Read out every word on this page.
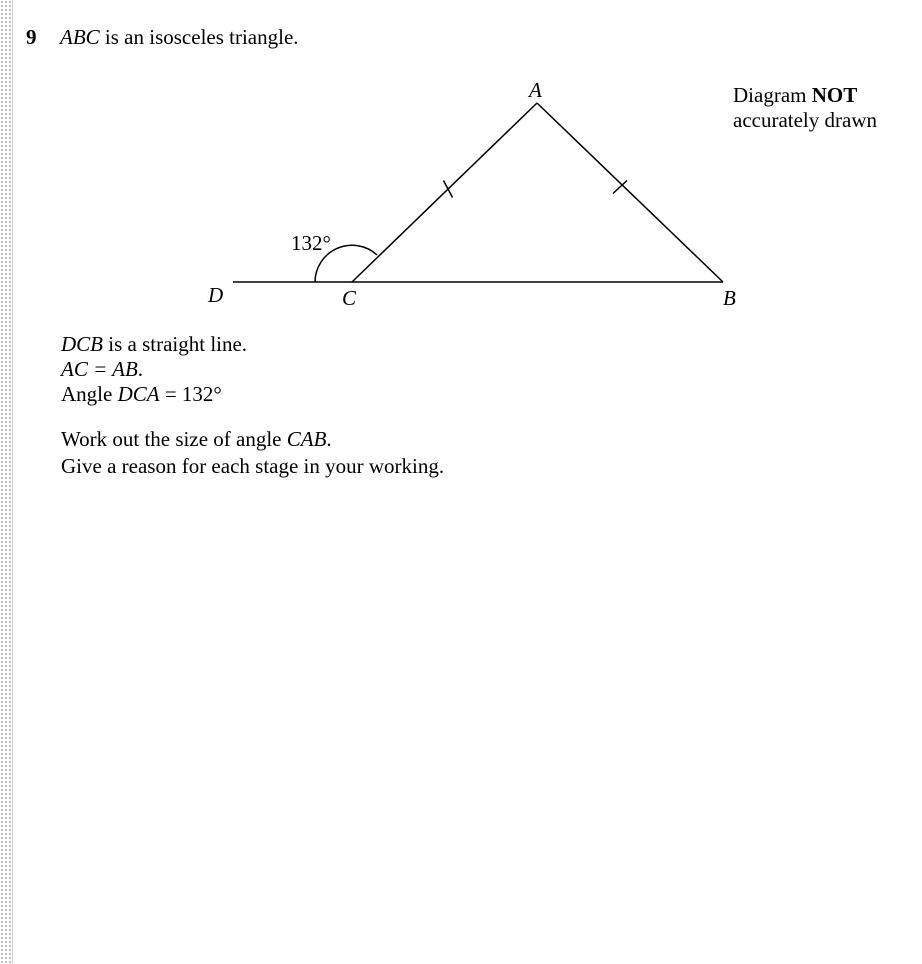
9 ABC is an isosceles triangle.
Diagram NOT
accurately drawn
A
B
C
D
132°
DCB is a straight line.
AC = AB.
Angle DCA = 132°
Work out the size of angle CAB.
Give a reason for each stage in your working.
